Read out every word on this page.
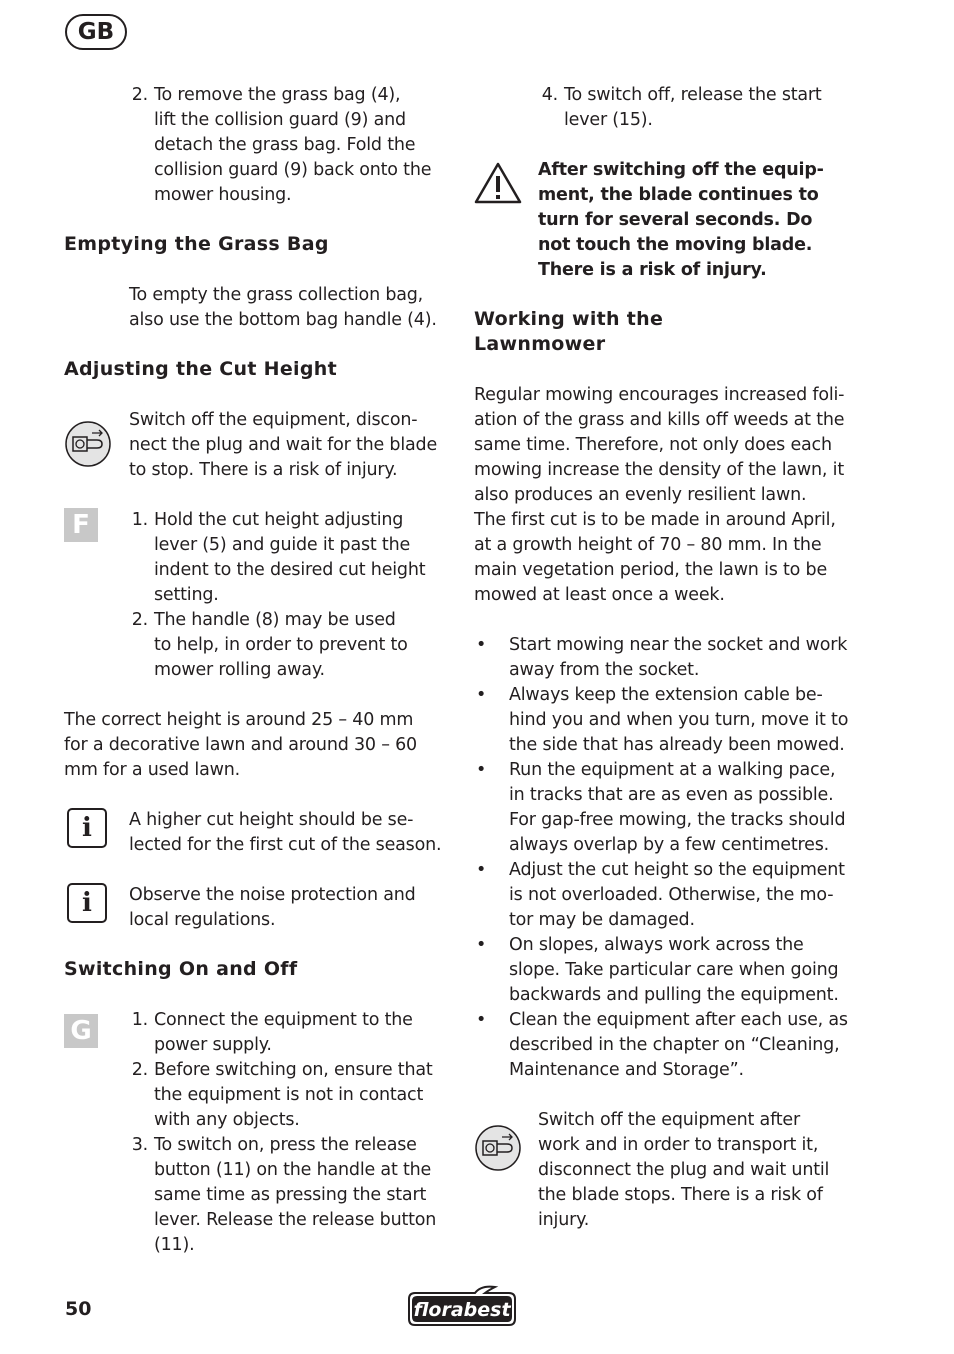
GB
2. To remove the grass bag (4),
lift the collision guard (9) and
detach the grass bag. Fold the
collision guard (9) back onto the
mower housing.
Emptying the Grass Bag
To empty the grass collection bag,
also use the bottom bag handle (4).
Adjusting the Cut Height
Switch off the equipment, discon-
nect the plug and wait for the blade
to stop. There is a risk of injury.
F	1. Hold the cut height adjusting
lever (5) and guide it past the
indent to the desired cut height
setting.
2. The handle (8) may be used
to help, in order to prevent to
mower rolling away.
The correct height is around 25 – 40 mm
for a decorative lawn and around 30 – 60
mm for a used lawn.
i	A higher cut height should be se-
lected for the first cut of the season.
i	Observe the noise protection and
local regulations.
Switching On and Off
G	1. Connect the equipment to the
power supply.
2. Before switching on, ensure that
the equipment is not in contact
with any objects.
3. To switch on, press the release
button (11) on the handle at the
same time as pressing the start
lever. Release the release button
(11).
4. To switch off, release the start
lever (15).
After switching off the equip-
ment, the blade continues to
turn for several seconds. Do
not touch the moving blade.
There is a risk of injury.
Working with the
Lawnmower
Regular mowing encourages increased foli-
ation of the grass and kills off weeds at the
same time. Therefore, not only does each
mowing increase the density of the lawn, it
also produces an evenly resilient lawn.
The first cut is to be made in around April,
at a growth height of 70 – 80 mm. In the
main vegetation period, the lawn is to be
mowed at least once a week.
• Start mowing near the socket and work
away from the socket.
• Always keep the extension cable be-
hind you and when you turn, move it to
the side that has already been mowed.
• Run the equipment at a walking pace,
in tracks that are as even as possible.
For gap-free mowing, the tracks should
always overlap by a few centimetres.
• Adjust the cut height so the equipment
is not overloaded. Otherwise, the mo-
tor may be damaged.
• On slopes, always work across the
slope. Take particular care when going
backwards and pulling the equipment.
• Clean the equipment after each use, as
described in the chapter on “Cleaning,
Maintenance and Storage”.
Switch off the equipment after
work and in order to transport it,
disconnect the plug and wait until
the blade stops. There is a risk of
injury.
50	florabest
